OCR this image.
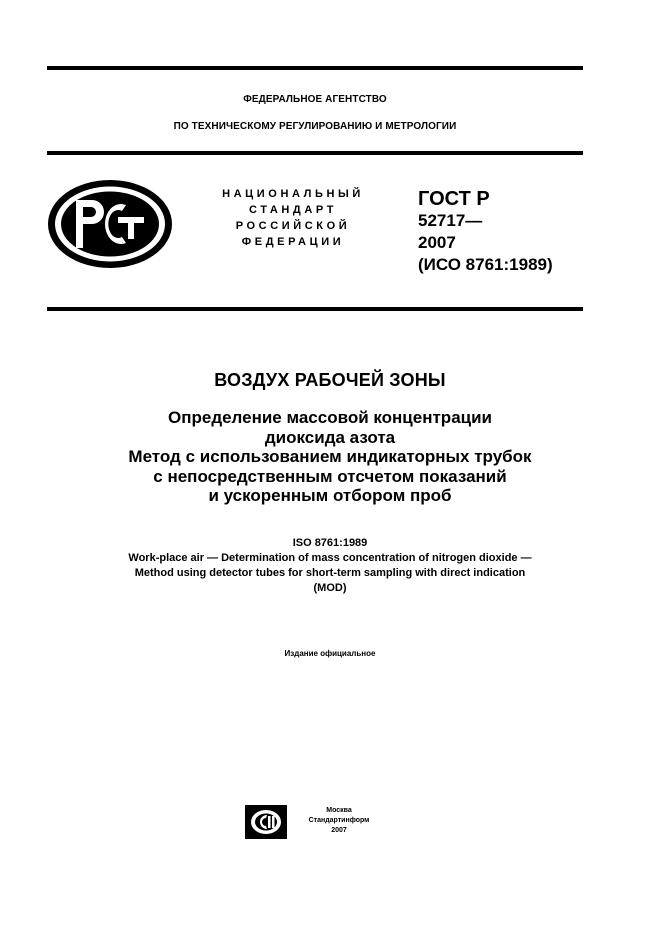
ФЕДЕРАЛЬНОЕ АГЕНТСТВО
ПО ТЕХНИЧЕСКОМУ РЕГУЛИРОВАНИЮ И МЕТРОЛОГИИ
НАЦИОНАЛЬНЫЙ
СТАНДАРТ
РОССИЙСКОЙ
ФЕДЕРАЦИИ
ГОСТ Р
52717—
2007
(ИСО 8761:1989)
ВОЗДУХ РАБОЧЕЙ ЗОНЫ
Определение массовой концентрации
диоксида азота
Метод с использованием индикаторных трубок
с непосредственным отсчетом показаний
и ускоренным отбором проб
ISO 8761:1989
Work-place air — Determination of mass concentration of nitrogen dioxide —
Method using detector tubes for short-term sampling with direct indication
(MOD)
Издание официальное
Москва
Стандартинформ
2007
